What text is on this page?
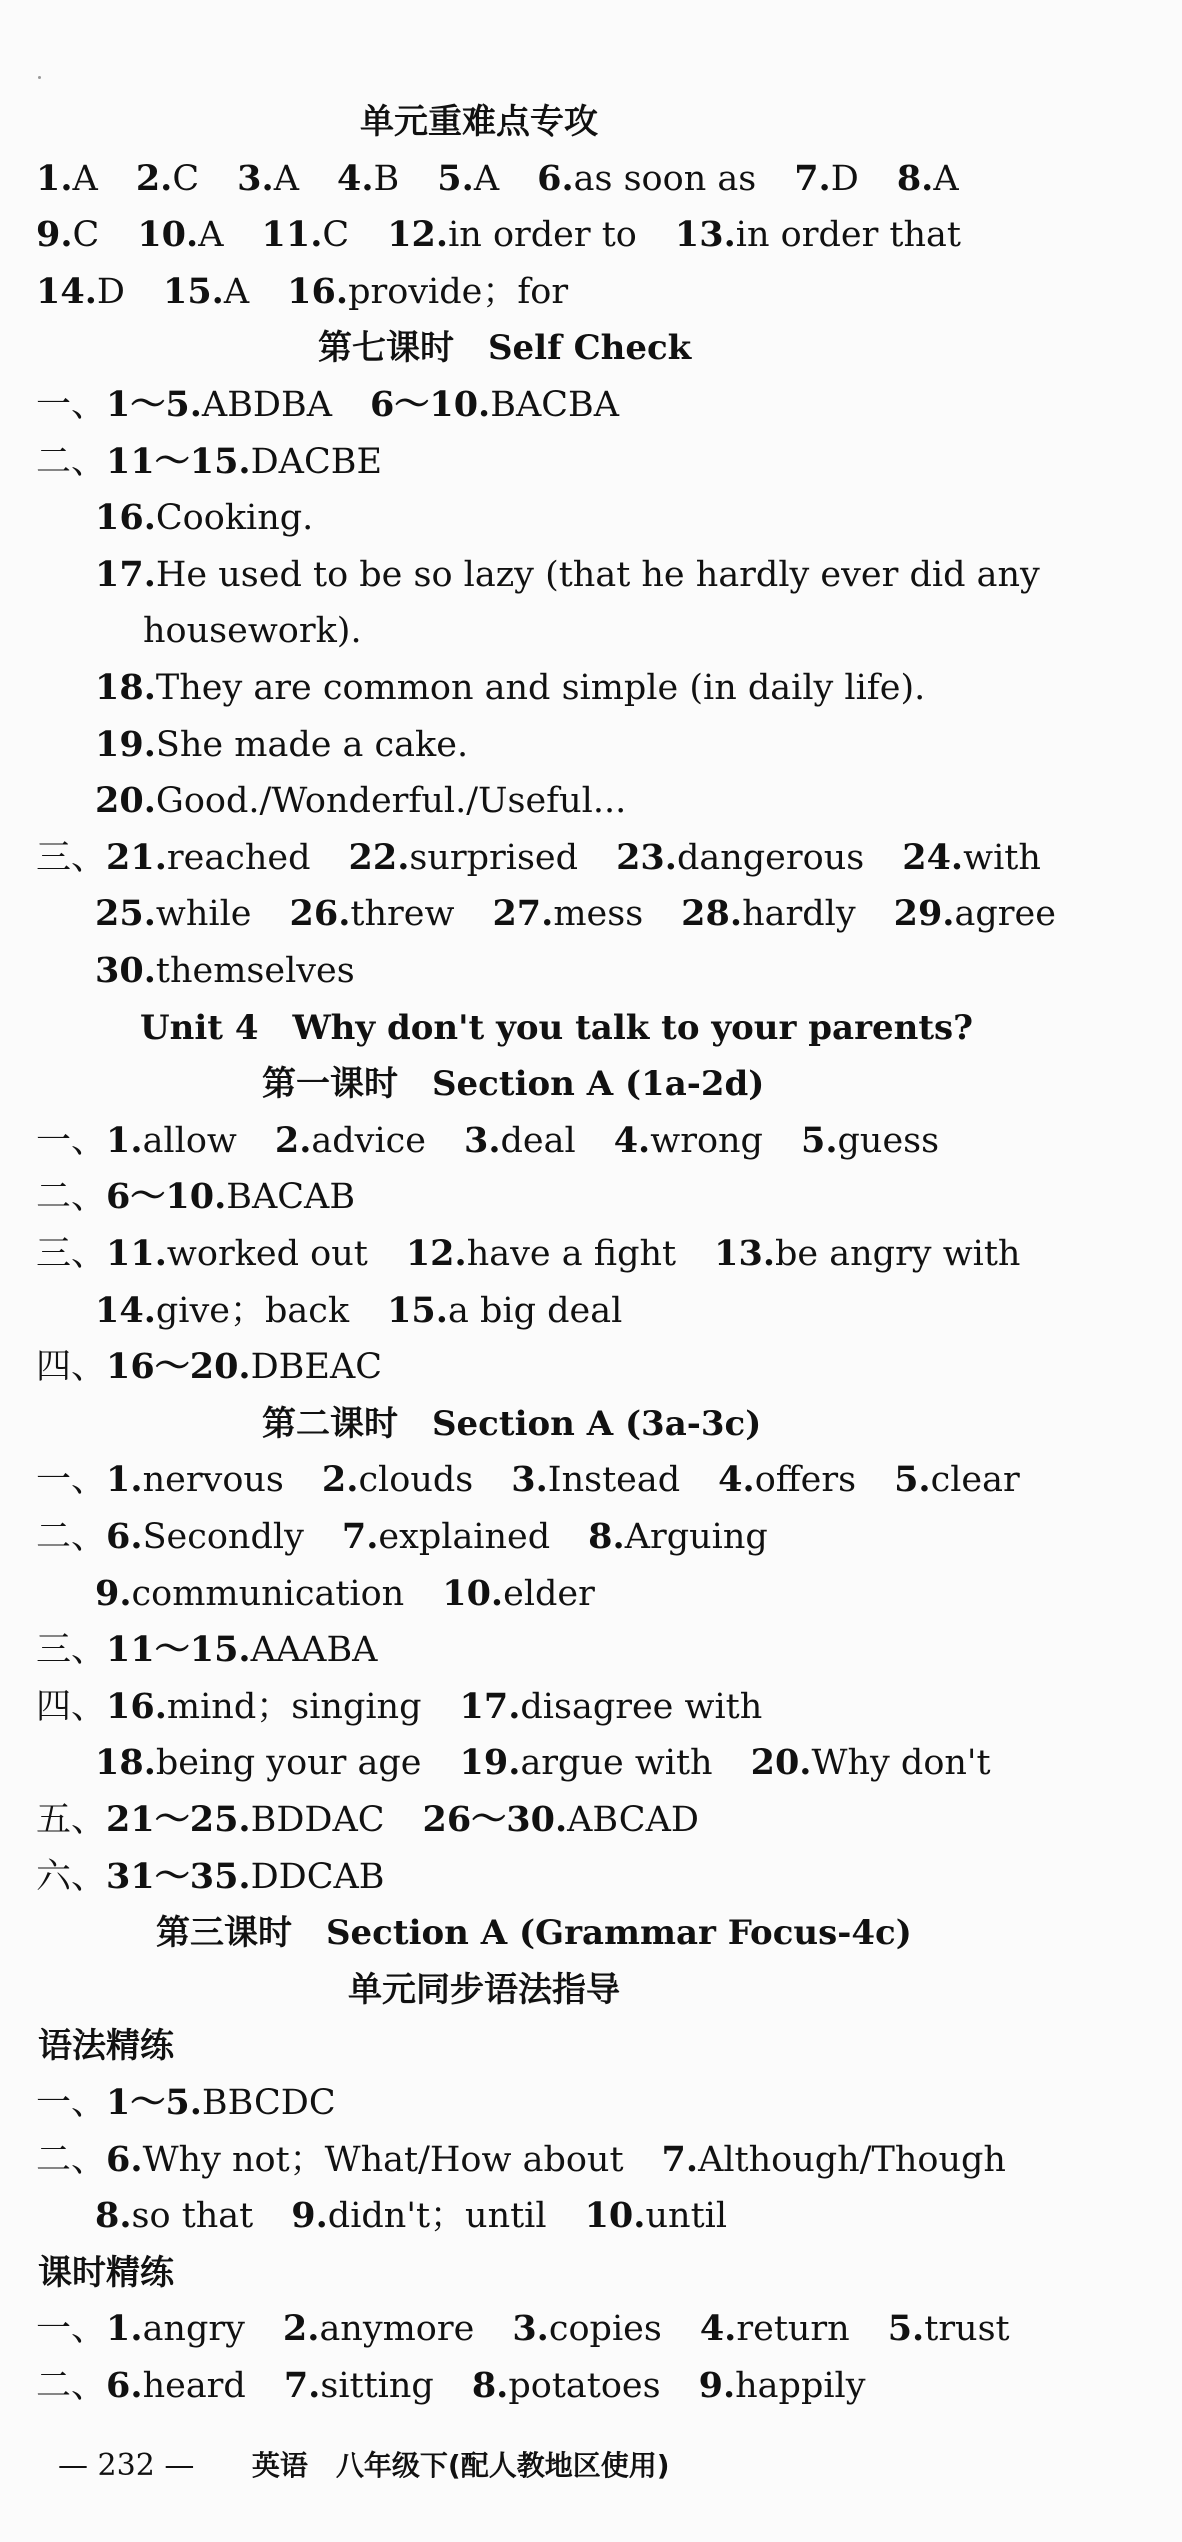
— 232 — 英语　八年级下(配人教地区使用)
单元重难点专攻
1.A 2.C 3.A 4.B 5.A 6.as soon as 7.D 8.A
9.C 10.A 11.C 12.in order to 13.in order that
14.D 15.A 16.provide；for
第七课时　Self Check
一、1～5.ABDBA 6～10.BACBA
二、11～15.DACBE
16.Cooking.
17.He used to be so lazy (that he hardly ever did any
housework).
18.They are common and simple (in daily life).
19.She made a cake.
20.Good./Wonderful./Useful...
三、21.reached 22.surprised 23.dangerous 24.with
25.while 26.threw 27.mess 28.hardly 29.agree
30.themselves
Unit 4　Why don't you talk to your parents?
第一课时　Section A (1a-2d)
一、1.allow 2.advice 3.deal 4.wrong 5.guess
二、6～10.BACAB
三、11.worked out 12.have a fight 13.be angry with
14.give；back 15.a big deal
四、16～20.DBEAC
第二课时　Section A (3a-3c)
一、1.nervous 2.clouds 3.Instead 4.offers 5.clear
二、6.Secondly 7.explained 8.Arguing
9.communication 10.elder
三、11～15.AAABA
四、16.mind；singing 17.disagree with
18.being your age 19.argue with 20.Why don't
五、21～25.BDDAC 26～30.ABCAD
六、31～35.DDCAB
第三课时　Section A (Grammar Focus-4c)
单元同步语法指导
语法精练
一、1～5.BBCDC
二、6.Why not；What/How about 7.Although/Though
8.so that 9.didn't；until 10.until
课时精练
一、1.angry 2.anymore 3.copies 4.return 5.trust
二、6.heard 7.sitting 8.potatoes 9.happily
